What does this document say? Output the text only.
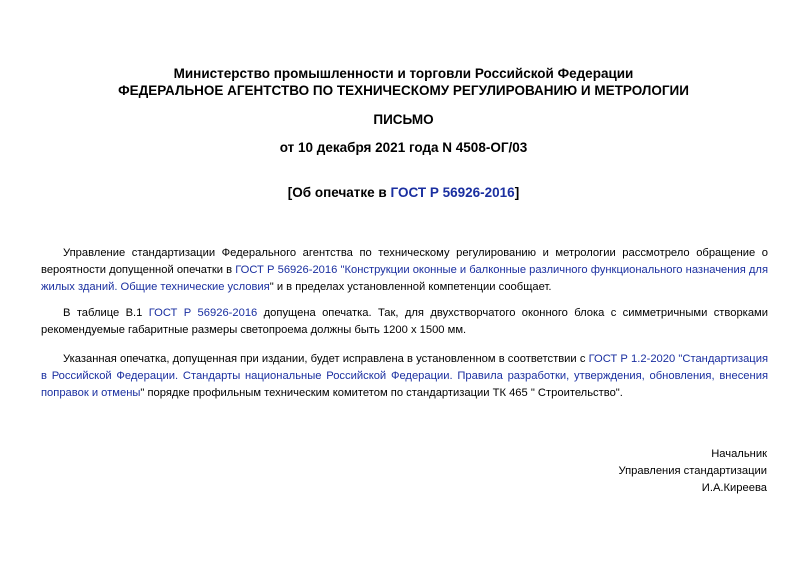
Министерство промышленности и торговли Российской Федерации
ФЕДЕРАЛЬНОЕ АГЕНТСТВО ПО ТЕХНИЧЕСКОМУ РЕГУЛИРОВАНИЮ И МЕТРОЛОГИИ
ПИСЬМО
от 10 декабря 2021 года N 4508-ОГ/03
[Об опечатке в ГОСТ Р 56926-2016]

Управление стандартизации Федерального агентства по техническому регулированию и метрологии рассмотрело обращение о вероятности допущенной опечатки в ГОСТ Р 56926-2016 "Конструкции оконные и балконные различного функционального назначения для жилых зданий. Общие технические условия" и в пределах установленной компетенции сообщает.

В таблице В.1 ГОСТ Р 56926-2016 допущена опечатка. Так, для двухстворчатого оконного блока с симметричными створками рекомендуемые габаритные размеры светопроема должны быть 1200 x 1500 мм.

Указанная опечатка, допущенная при издании, будет исправлена в установленном в соответствии с ГОСТ Р 1.2-2020 "Стандартизация в Российской Федерации. Стандарты национальные Российской Федерации. Правила разработки, утверждения, обновления, внесения поправок и отмены" порядке профильным техническим комитетом по стандартизации ТК 465 " Строительство".

Начальник
Управления стандартизации
И.А.Киреева
